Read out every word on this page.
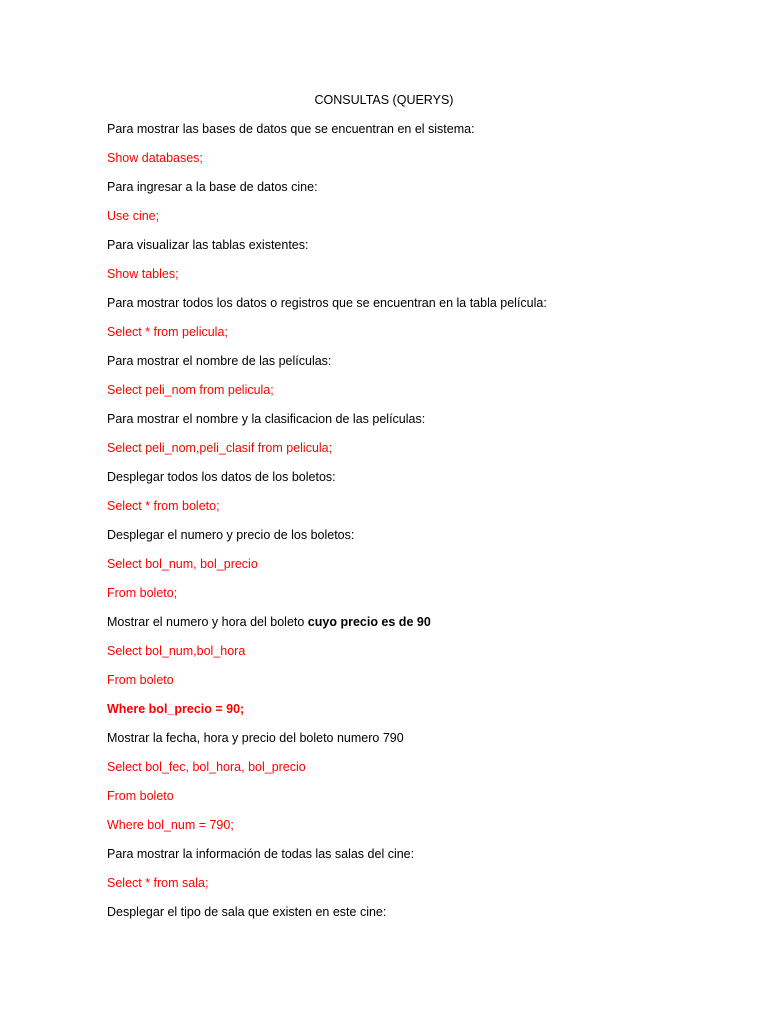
CONSULTAS (QUERYS)
Para mostrar las bases de datos que se encuentran en el sistema:
Show databases;
Para ingresar a la base de datos cine:
Use cine;
Para visualizar las tablas existentes:
Show tables;
Para mostrar todos los datos o registros que se encuentran en la tabla película:
Select * from pelicula;
Para mostrar el nombre de las películas:
Select peli_nom from pelicula;
Para mostrar el nombre y la clasificacion de las películas:
Select peli_nom,peli_clasif from pelicula;
Desplegar todos los datos de los boletos:
Select * from boleto;
Desplegar el numero y precio de los boletos:
Select bol_num, bol_precio
From boleto;
Mostrar el numero y hora del boleto cuyo precio es de 90
Select bol_num,bol_hora
From boleto
Where bol_precio = 90;
Mostrar la fecha, hora y precio del boleto numero 790
Select bol_fec, bol_hora, bol_precio
From boleto
Where bol_num = 790;
Para mostrar la información de todas las salas del cine:
Select * from sala;
Desplegar el tipo de sala que existen en este cine:
